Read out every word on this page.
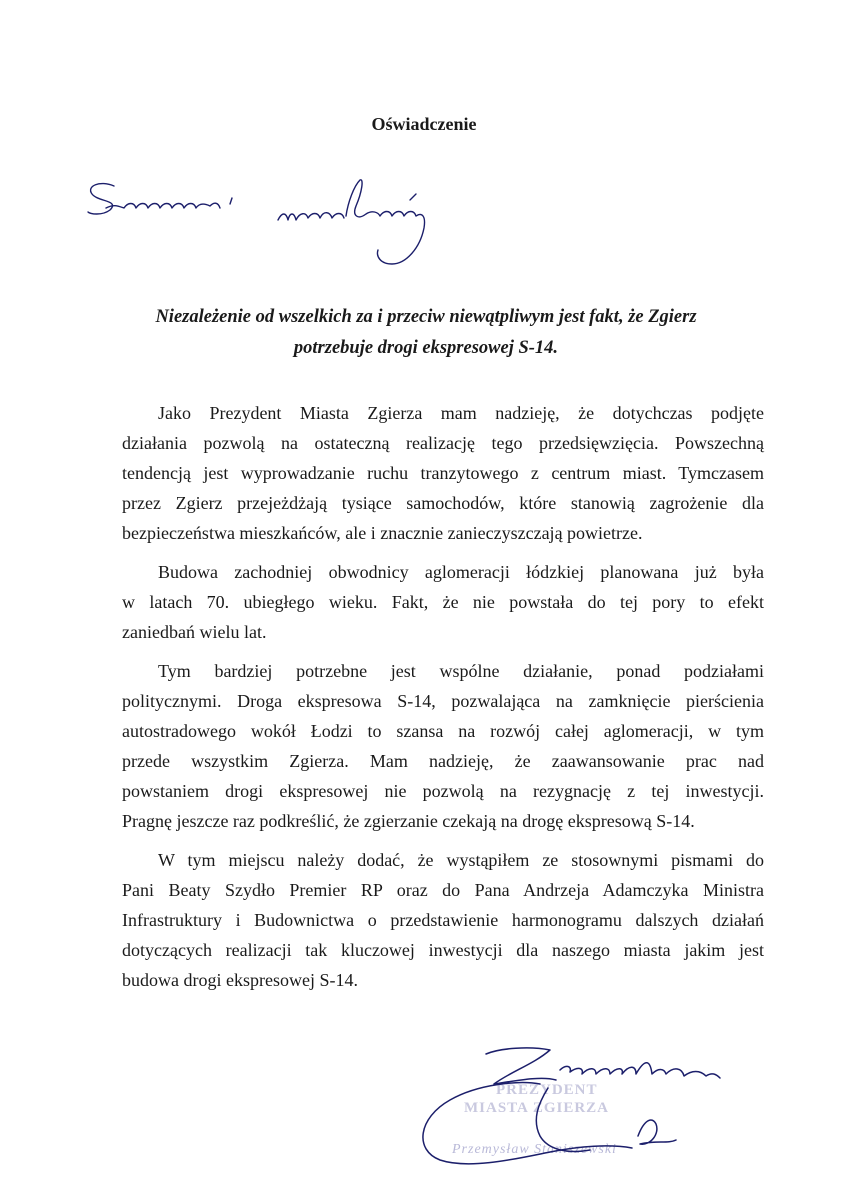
Oświadczenie
Niezależenie od wszelkich za i przeciw niewątpliwym jest fakt, że Zgierz
potrzebuje drogi ekspresowej S-14.

Jako Prezydent Miasta Zgierza mam nadzieję, że dotychczas podjęte
działania pozwolą na ostateczną realizację tego przedsięwzięcia. Powszechną
tendencją jest wyprowadzanie ruchu tranzytowego z centrum miast. Tymczasem
przez Zgierz przejeżdżają tysiące samochodów, które stanowią zagrożenie dla
bezpieczeństwa mieszkańców, ale i znacznie zanieczyszczają powietrze.

Budowa zachodniej obwodnicy aglomeracji łódzkiej planowana już była
w latach 70. ubiegłego wieku. Fakt, że nie powstała do tej pory to efekt
zaniedbań wielu lat.

Tym bardziej potrzebne jest wspólne działanie, ponad podziałami
politycznymi. Droga ekspresowa S-14, pozwalająca na zamknięcie pierścienia
autostradowego wokół Łodzi to szansa na rozwój całej aglomeracji, w tym
przede wszystkim Zgierza. Mam nadzieję, że zaawansowanie prac nad
powstaniem drogi ekspresowej nie pozwolą na rezygnację z tej inwestycji.
Pragnę jeszcze raz podkreślić, że zgierzanie czekają na drogę ekspresową S-14.

W tym miejscu należy dodać, że wystąpiłem ze stosownymi pismami do
Pani Beaty Szydło Premier RP oraz do Pana Andrzeja Adamczyka Ministra
Infrastruktury i Budownictwa o przedstawienie harmonogramu dalszych działań
dotyczących realizacji tak kluczowej inwestycji dla naszego miasta jakim jest
budowa drogi ekspresowej S-14.

PREZYDENT
MIASTA ZGIERZA
Przemysław Staniszewski
